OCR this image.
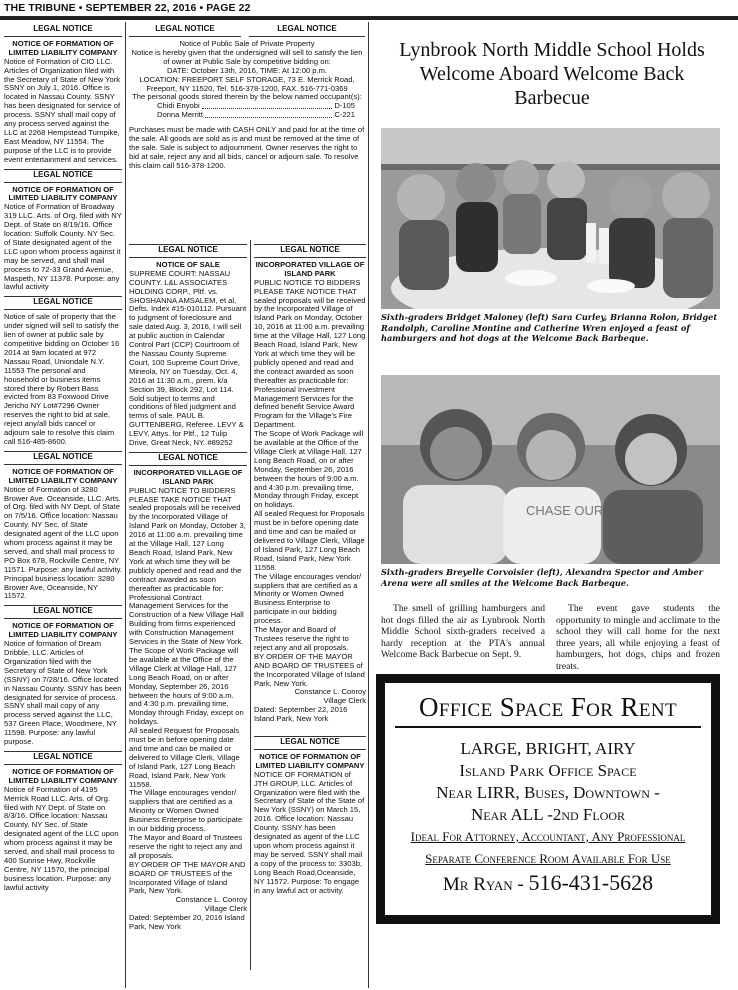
THE TRIBUNE • SEPTEMBER 22, 2016 • PAGE 22
LEGAL NOTICE
NOTICE OF FORMATION OF LIMITED LIABILITY COMPANY
Notice of Formation of CIO LLC. Articles of Organization filed with the Secretary of State of New York SSNY on July 1, 2016. Office is located in Nassau County. SSNY has been designated for service of process. SSNY shall mail copy of any process served against the LLC at 2268 Hempstead Turnpike, East Meadow, NY 11554. The purpose of the LLC is to provide event entertainment and services.
LEGAL NOTICE
NOTICE OF FORMATION OF LIMITED LIABILITY COMPANY
Notice of Formation of Broadway 319 LLC. Arts. of Org. filed with NY Dept. of State on 8/19/16. Office location: Suffolk County. NY Sec. of State designated agent of the LLC upon whom process against it may be served, and shall mail process to 72-33 Grand Avenue, Maspeth, NY 11378. Purpose: any lawful activity
LEGAL NOTICE
Notice of sale of property that the under signed will sell to satisfy the lien of owner at public sale by competitive bidding on October 16 2014 at 9am located at 972 Nassau Road, Uniondale N.Y. 11553 The personal and household or business items stored there by Robert Bass evicted from 83 Foxwood Drive Jericho NY Lot#7296 Owner reserves the right to bid at sale, reject any/all bids cancel or adjourn sale to resolve this claim call 516-485-8600.
LEGAL NOTICE
NOTICE OF FORMATION OF LIMITED LIABILITY COMPANY
Notice of Formation of 3280 Brower Ave. Oceanside, LLC. Arts. of Org. filed with NY Dept. of State on 7/5/16. Office location: Nassau County. NY Sec. of State designated agent of the LLC upon whom process against it may be served, and shall mail process to PO Box 678, Rockville Centre, NY 11571. Purpose: any lawful activity. Principal business location: 3280 Brower Ave, Oceanside, NY 11572.
LEGAL NOTICE
NOTICE OF FORMATION OF LIMITED LIABILITY COMPANY
Notice of formation of Dream Dribble, LLC. Articles of Organization filed with the Secretary of State of New York (SSNY) on 7/28/16. Office located in Nassau County. SSNY has been designated for service of process. SSNY shall mail copy of any process served against the LLC, 537 Green Place, Woodmere, NY 11598. Purpose: any lawful purpose.
LEGAL NOTICE
NOTICE OF FORMATION OF LIMITED LIABILITY COMPANY
Notice of Formation of 4195 Merrick Road LLC. Arts. of Org. filed with NY Dept. of State on 8/3/16. Office location: Nassau County. NY Sec. of State designated agent of the LLC upon whom process against it may be served, and shall mail process to 400 Sunrise Hwy, Rockville Centre, NY 11570, the principal business location. Purpose: any lawful activity
LEGAL NOTICE	LEGAL NOTICE
Notice of Public Sale of Private Property
Notice is hereby given that the undersigned will sell to satisfy the lien of owner at Public Sale by competitive bidding on:
DATE: October 13th, 2016, TIME: At 12:00 p.m.
LOCATION: FREEPORT SELF STORAGE, 73 E. Merrick Road, Freeport, NY 11520, Tel. 516-378-1200, FAX. 516-771-0369
The personal goods stored therein by the below named occupant(s):
Chidi Enyobi	D-105
Donna Merritt	C-221
Purchases must be made with CASH ONLY and paid for at the time of the sale. All goods are sold as is and must be removed at the time of the sale. Sale is subject to adjournment. Owner reserves the right to bid at sale, reject any and all bids, cancel or adjourn sale. To resolve this claim call 516-378-1200.
LEGAL NOTICE
NOTICE OF SALE
SUPREME COURT: NASSAU COUNTY. L&L ASSOCIATES HOLDING CORP., Pltf. vs. SHOSHANNA AMSALEM, et al, Defts. Index #15-010112. Pursuant to judgment of foreclosure and sale dated Aug. 3, 2016, I will sell at public auction in Calendar Control Part (CCP) Courtroom of the Nassau County Supreme Court, 100 Supreme Court Drive, Mineola, NY on Tuesday, Oct. 4, 2016 at 11:30 a.m., prem. k/a Section 39, Block 292, Lot 114. Sold subject to terms and conditions of filed judgment and terms of sale. PAUL B. GUTTENBERG, Referee. LEVY & LEVY, Attys. for Pltf., 12 Tulip Drive, Great Neck, NY. #89252
LEGAL NOTICE
INCORPORATED VILLAGE OF ISLAND PARK
PUBLIC NOTICE TO BIDDERS PLEASE TAKE NOTICE THAT sealed proposals will be received by the Incorporated Village of Island Park on Monday, October 3, 2016 at 11:00 a.m. prevailing time at the Village Hall, 127 Long Beach Road, Island Park, New York at which time they will be publicly opened and read and the contract awarded as soon thereafter as practicable for: Professional Contract Management Services for the Construction of a New Village Hall Building from firms experienced with Construction Management Services in the State of New York.
The Scope of Work Package will be available at the Office of the Village Clerk at Village Hall, 127 Long Beach Road, on or after Monday, September 26, 2016 between the hours of 9:00 a.m. and 4:30 p.m. prevailing time, Monday through Friday, except on holidays.
All sealed Request for Proposals must be in before opening date and time and can be mailed or delivered to Village Clerk, Village of Island Park, 127 Long Beach Road, Island Park, New York 11558.
The Village encourages vendor/ suppliers that are certified as a Minority or Women Owned Business Enterprise to participate in our bidding process.
The Mayor and Board of Trustees reserve the right to reject any and all proposals.
BY ORDER OF THE MAYOR AND BOARD OF TRUSTEES of the Incorporated Village of Island Park, New York.
Constance L. Conroy Village Clerk
Dated: September 20, 2016 Island Park, New York
LEGAL NOTICE
INCORPORATED VILLAGE OF ISLAND PARK
PUBLIC NOTICE TO BIDDERS PLEASE TAKE NOTICE THAT sealed proposals will be received by the Incorporated Village of Island Park on Monday, October 10, 2016 at 11:00 a.m. prevailing time at the Village Hall, 127 Long Beach Road, Island Park, New York at which time they will be publicly opened and read and the contract awarded as soon thereafter as practicable for: Professional Investment Management Services for the defined benefit Service Award Program for the Village's Fire Department.
The Scope of Work Package will be available at the Office of the Village Clerk at Village Hall, 127 Long Beach Road, on or after Monday, September 26, 2016 between the hours of 9:00 a.m. and 4:30 p.m. prevailing time, Monday through Friday, except on holidays.
All sealed Request for Proposals must be in before opening date and time and can be mailed or delivered to Village Clerk, Village of Island Park, 127 Long Beach Road, Island Park, New York 11558.
The Village encourages vendor/ suppliers that are certified as a Minority or Women Owned Business Enterprise to participate in our bidding process.
The Mayor and Board of Trustees reserve the right to reject any and all proposals.
BY ORDER OF THE MAYOR AND BOARD OF TRUSTEES of the Incorporated Village of Island Park, New York.
Constance L. Conroy Village Clerk
Dated: September 22, 2016 Island Park, New York
LEGAL NOTICE
NOTICE OF FORMATION OF LIMITED LIABILITY COMPANY
NOTICE OF FORMATION of JTH GROUP, LLC. Articles of Organization were filed with the Secretary of State of the State of New York (SSNY) on March 15, 2016. Office location: Nassau County. SSNY has been designated as agent of the LLC upon whom process against it may be served. SSNY shall mail a copy of the process to: 3303b, Long Beach Road,Oceanside, NY 11572. Purpose: To engage in any lawful act or activity.
Lynbrook North Middle School Holds Welcome Aboard Welcome Back Barbecue
Sixth-graders Bridget Maloney (left) Sara Curley, Brianna Rolon, Bridget Randolph, Caroline Montine and Catherine Wren enjoyed a feast of hamburgers and hot dogs at the Welcome Back Barbeque.
CHASE OUR
Sixth-graders Breyelle Corvoisier (left), Alexandra Spector and Amber Arena were all smiles at the Welcome Back Barbeque.
The smell of grilling hamburgers and hot dogs filled the air as Lynbrook North Middle School sixth-graders received a hardy reception at the PTA's annual Welcome Back Barbecue on Sept. 9.
The event gave students the opportunity to mingle and acclimate to the school they will call home for the next three years, all while enjoying a feast of hamburgers, hot dogs, chips and frozen treats.
Office Space For Rent
LARGE, BRIGHT, AIRY
Island Park Office Space
Near LIRR, Buses, Downtown -
Near ALL -2nd Floor
Ideal For Attorney, Accountant, Any Professional
Separate Conference Room Available For Use
Mr Ryan - 516-431-5628
